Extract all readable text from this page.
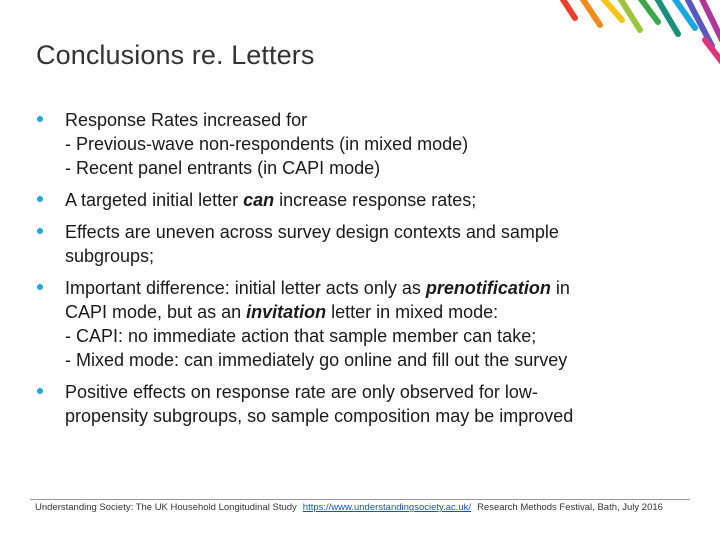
Conclusions re. Letters
Response Rates increased for
- Previous-wave non-respondents (in mixed mode)
- Recent panel entrants (in CAPI mode)
A targeted initial letter can increase response rates;
Effects are uneven across survey design contexts and sample
subgroups;
Important difference: initial letter acts only as prenotification in
CAPI mode, but as an invitation letter in mixed mode:
- CAPI: no immediate action that sample member can take;
- Mixed mode: can immediately go online and fill out the survey
Positive effects on response rate are only observed for low-
propensity subgroups, so sample composition may be improved
Understanding Society: The UK Household Longitudinal Study https://www.understandingsociety.ac.uk/ Research Methods Festival, Bath, July 2016
